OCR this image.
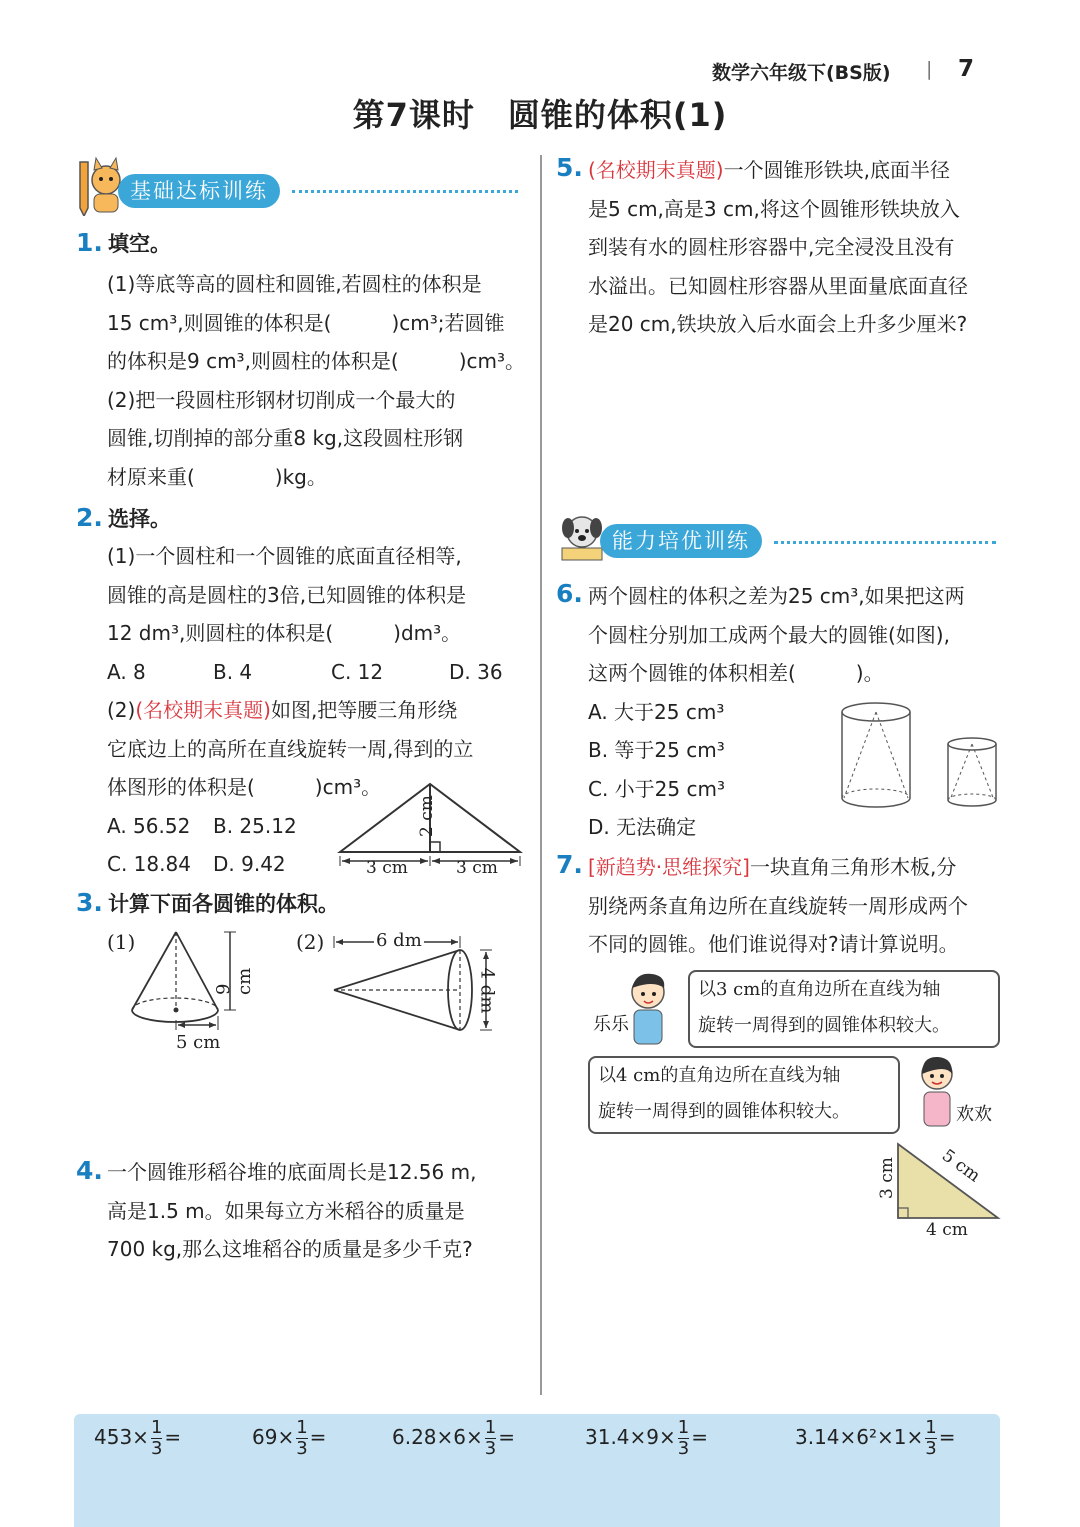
数学六年级下(BS版) | 7
第7课时　圆锥的体积(1)
基础达标训练
1. 填空。
(1)等底等高的圆柱和圆锥,若圆柱的体积是
15 cm³,则圆锥的体积是(　　　)cm³;若圆锥
的体积是9 cm³,则圆柱的体积是(　　　)cm³。
(2)把一段圆柱形钢材切削成一个最大的
圆锥,切削掉的部分重8 kg,这段圆柱形钢
材原来重(　　　　)kg。
2. 选择。
(1)一个圆柱和一个圆锥的底面直径相等,
圆锥的高是圆柱的3倍,已知圆锥的体积是
12 dm³,则圆柱的体积是(　　　)dm³。
A. 8	B. 4	C. 12	D. 36
(2)(名校期末真题)如图,把等腰三角形绕
它底边上的高所在直线旋转一周,得到的立
体图形的体积是(　　　)cm³。
A. 56.52 B. 25.12
C. 18.84 D. 9.42
2 cm
3 cm	3 cm
3. 计算下面各圆锥的体积。
(1)
9 cm
5 cm
(2)	6 dm
4 dm
4. 一个圆锥形稻谷堆的底面周长是12.56 m,
高是1.5 m。如果每立方米稻谷的质量是
700 kg,那么这堆稻谷的质量是多少千克?
5. (名校期末真题)一个圆锥形铁块,底面半径
是5 cm,高是3 cm,将这个圆锥形铁块放入
到装有水的圆柱形容器中,完全浸没且没有
水溢出。已知圆柱形容器从里面量底面直径
是20 cm,铁块放入后水面会上升多少厘米?
能力培优训练
6. 两个圆柱的体积之差为25 cm³,如果把这两
个圆柱分别加工成两个最大的圆锥(如图),
这两个圆锥的体积相差(　　　)。
A. 大于25 cm³
B. 等于25 cm³
C. 小于25 cm³
D. 无法确定
7. [新趋势·思维探究]一块直角三角形木板,分
别绕两条直角边所在直线旋转一周形成两个
不同的圆锥。他们谁说得对?请计算说明。
乐乐
以3 cm的直角边所在直线为轴
旋转一周得到的圆锥体积较大。
以4 cm的直角边所在直线为轴
旋转一周得到的圆锥体积较大。	欢欢
3 cm
4 cm
5 cm
$453\times \frac{1}{3}$ =	$69\times \frac{1}{3}$ =	$6.28\times 6\times \frac{1}{3}$ =	$31.4\times 9\times \frac{1}{3}$ =	$3.14\times 6^2\times 1\times \frac{1}{3}$ =
